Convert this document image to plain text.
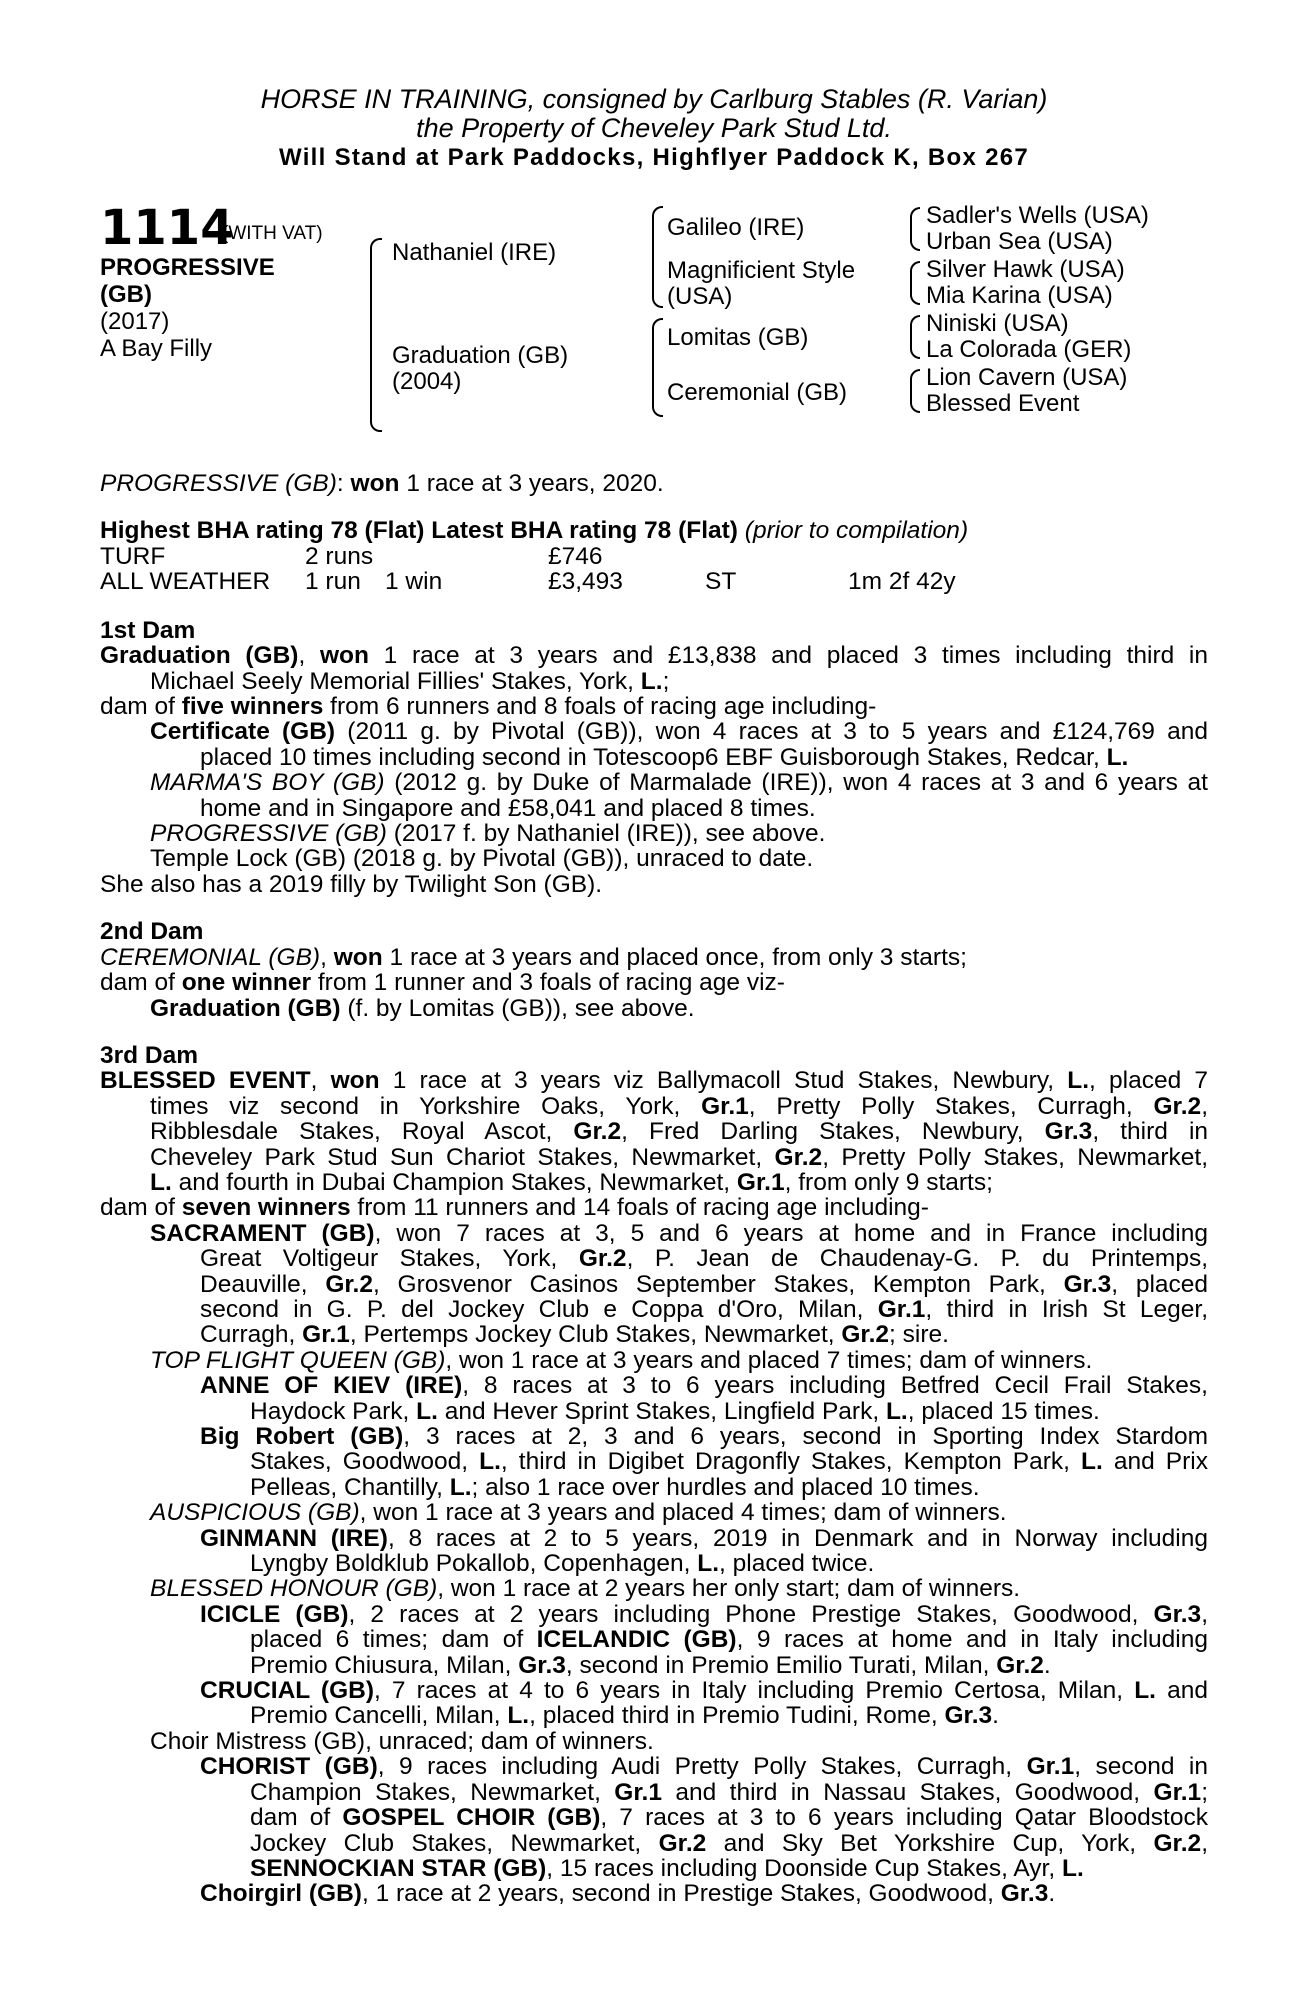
HORSE IN TRAINING, consigned by Carlburg Stables (R. Varian)
the Property of Cheveley Park Stud Ltd.
Will Stand at Park Paddocks, Highflyer Paddock K, Box 267
1114
(WITH VAT)
PROGRESSIVE
(GB)
(2017)
A Bay Filly
Nathaniel (IRE)
Graduation (GB)
(2004)
Galileo (IRE)
Magnificient Style
(USA)
Lomitas (GB)
Ceremonial (GB)
Sadler's Wells (USA)
Urban Sea (USA)
Silver Hawk (USA)
Mia Karina (USA)
Niniski (USA)
La Colorada (GER)
Lion Cavern (USA)
Blessed Event
PROGRESSIVE (GB): won 1 race at 3 years, 2020.
Highest BHA rating 78 (Flat) Latest BHA rating 78 (Flat) (prior to compilation)
TURF	2 runs	£746
ALL WEATHER 1 run 1 win	£3,493	ST	1m 2f 42y
1st Dam
Graduation (GB), won 1 race at 3 years and £13,838 and placed 3 times including third in
Michael Seely Memorial Fillies' Stakes, York, L.;
dam of five winners from 6 runners and 8 foals of racing age including-
Certificate (GB) (2011 g. by Pivotal (GB)), won 4 races at 3 to 5 years and £124,769 and
placed 10 times including second in Totescoop6 EBF Guisborough Stakes, Redcar, L.
MARMA'S BOY (GB) (2012 g. by Duke of Marmalade (IRE)), won 4 races at 3 and 6 years at
home and in Singapore and £58,041 and placed 8 times.
PROGRESSIVE (GB) (2017 f. by Nathaniel (IRE)), see above.
Temple Lock (GB) (2018 g. by Pivotal (GB)), unraced to date.
She also has a 2019 filly by Twilight Son (GB).
2nd Dam
CEREMONIAL (GB), won 1 race at 3 years and placed once, from only 3 starts;
dam of one winner from 1 runner and 3 foals of racing age viz-
Graduation (GB) (f. by Lomitas (GB)), see above.
3rd Dam
BLESSED EVENT, won 1 race at 3 years viz Ballymacoll Stud Stakes, Newbury, L., placed 7
times viz second in Yorkshire Oaks, York, Gr.1, Pretty Polly Stakes, Curragh, Gr.2,
Ribblesdale Stakes, Royal Ascot, Gr.2, Fred Darling Stakes, Newbury, Gr.3, third in
Cheveley Park Stud Sun Chariot Stakes, Newmarket, Gr.2, Pretty Polly Stakes, Newmarket,
L. and fourth in Dubai Champion Stakes, Newmarket, Gr.1, from only 9 starts;
dam of seven winners from 11 runners and 14 foals of racing age including-
SACRAMENT (GB), won 7 races at 3, 5 and 6 years at home and in France including
Great Voltigeur Stakes, York, Gr.2, P. Jean de Chaudenay-G. P. du Printemps,
Deauville, Gr.2, Grosvenor Casinos September Stakes, Kempton Park, Gr.3, placed
second in G. P. del Jockey Club e Coppa d'Oro, Milan, Gr.1, third in Irish St Leger,
Curragh, Gr.1, Pertemps Jockey Club Stakes, Newmarket, Gr.2; sire.
TOP FLIGHT QUEEN (GB), won 1 race at 3 years and placed 7 times; dam of winners.
ANNE OF KIEV (IRE), 8 races at 3 to 6 years including Betfred Cecil Frail Stakes,
Haydock Park, L. and Hever Sprint Stakes, Lingfield Park, L., placed 15 times.
Big Robert (GB), 3 races at 2, 3 and 6 years, second in Sporting Index Stardom
Stakes, Goodwood, L., third in Digibet Dragonfly Stakes, Kempton Park, L. and Prix
Pelleas, Chantilly, L.; also 1 race over hurdles and placed 10 times.
AUSPICIOUS (GB), won 1 race at 3 years and placed 4 times; dam of winners.
GINMANN (IRE), 8 races at 2 to 5 years, 2019 in Denmark and in Norway including
Lyngby Boldklub Pokallob, Copenhagen, L., placed twice.
BLESSED HONOUR (GB), won 1 race at 2 years her only start; dam of winners.
ICICLE (GB), 2 races at 2 years including Phone Prestige Stakes, Goodwood, Gr.3,
placed 6 times; dam of ICELANDIC (GB), 9 races at home and in Italy including
Premio Chiusura, Milan, Gr.3, second in Premio Emilio Turati, Milan, Gr.2.
CRUCIAL (GB), 7 races at 4 to 6 years in Italy including Premio Certosa, Milan, L. and
Premio Cancelli, Milan, L., placed third in Premio Tudini, Rome, Gr.3.
Choir Mistress (GB), unraced; dam of winners.
CHORIST (GB), 9 races including Audi Pretty Polly Stakes, Curragh, Gr.1, second in
Champion Stakes, Newmarket, Gr.1 and third in Nassau Stakes, Goodwood, Gr.1;
dam of GOSPEL CHOIR (GB), 7 races at 3 to 6 years including Qatar Bloodstock
Jockey Club Stakes, Newmarket, Gr.2 and Sky Bet Yorkshire Cup, York, Gr.2,
SENNOCKIAN STAR (GB), 15 races including Doonside Cup Stakes, Ayr, L.
Choirgirl (GB), 1 race at 2 years, second in Prestige Stakes, Goodwood, Gr.3.
